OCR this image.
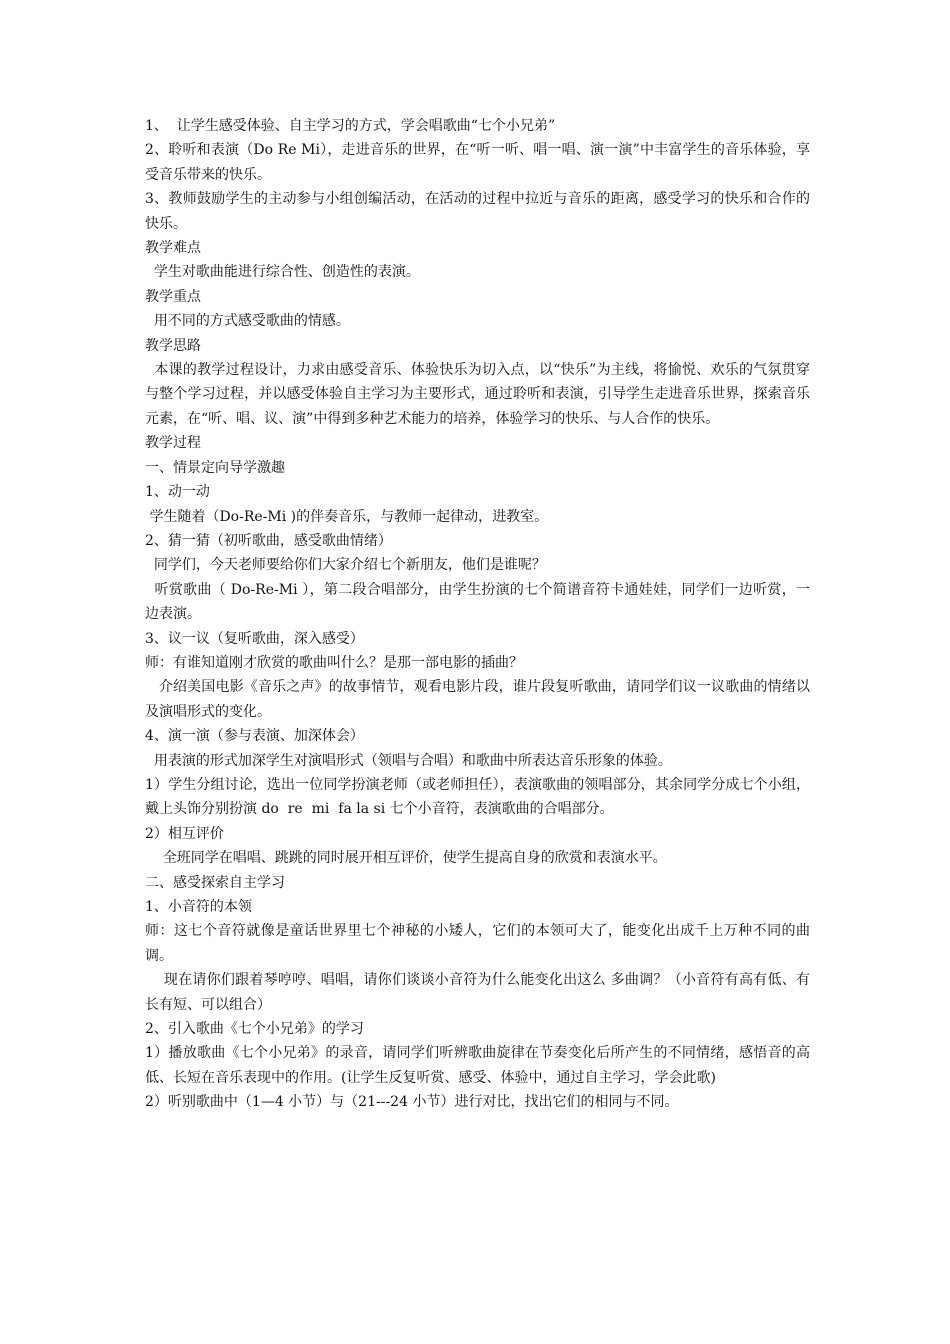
1、  让学生感受体验、自主学习的方式，学会唱歌曲“七个小兄弟”

2、聆听和表演（Do Re Mi），走进音乐的世界，在“听一听、唱一唱、演一演”中丰富学生的音乐体验，享受音乐带来的快乐。

3、教师鼓励学生的主动参与小组创编活动，在活动的过程中拉近与音乐的距离，感受学习的快乐和合作的快乐。

教学难点

学生对歌曲能进行综合性、创造性的表演。

教学重点

用不同的方式感受歌曲的情感。

教学思路

本课的教学过程设计，力求由感受音乐、体验快乐为切入点，以“快乐”为主线，将愉悦、欢乐的气氛贯穿与整个学习过程，并以感受体验自主学习为主要形式，通过聆听和表演，引导学生走进音乐世界，探索音乐元素，在“听、唱、议、演”中得到多种艺术能力的培养，体验学习的快乐、与人合作的快乐。

教学过程

一、情景定向导学激趣

1、动一动

学生随着（Do-Re-Mi )的伴奏音乐，与教师一起律动，进教室。

2、猜一猜（初听歌曲，感受歌曲情绪）

同学们，今天老师要给你们大家介绍七个新朋友，他们是谁呢？

听赏歌曲（ Do-Re-Mi ），第二段合唱部分，由学生扮演的七个简谱音符卡通娃娃，同学们一边听赏，一边表演。

3、议一议（复听歌曲，深入感受）

师：有谁知道刚才欣赏的歌曲叫什么？是那一部电影的插曲？

介绍美国电影《音乐之声》的故事情节，观看电影片段，谁片段复听歌曲，请同学们议一议歌曲的情绪以及演唱形式的变化。

4、演一演（参与表演、加深体会）

用表演的形式加深学生对演唱形式（领唱与合唱）和歌曲中所表达音乐形象的体验。

1）学生分组讨论，选出一位同学扮演老师（或老师担任），表演歌曲的领唱部分，其余同学分成七个小组，戴上头饰分别扮演 do  re  mi  fa la si 七个小音符，表演歌曲的合唱部分。

2）相互评价

全班同学在唱唱、跳跳的同时展开相互评价，使学生提高自身的欣赏和表演水平。

二、感受探索自主学习

1、小音符的本领

师：这七个音符就像是童话世界里七个神秘的小矮人，它们的本领可大了，能变化出成千上万种不同的曲调。

现在请你们跟着琴哼哼、唱唱，请你们谈谈小音符为什么能变化出这么 多曲调？（小音符有高有低、有长有短、可以组合）

2、引入歌曲《七个小兄弟》的学习

1）播放歌曲《七个小兄弟》的录音，请同学们听辨歌曲旋律在节奏变化后所产生的不同情绪，感悟音的高低、长短在音乐表现中的作用。(让学生反复听赏、感受、体验中，通过自主学习，学会此歌)

2）听别歌曲中（1—4 小节）与（21---24 小节）进行对比，找出它们的相同与不同。
